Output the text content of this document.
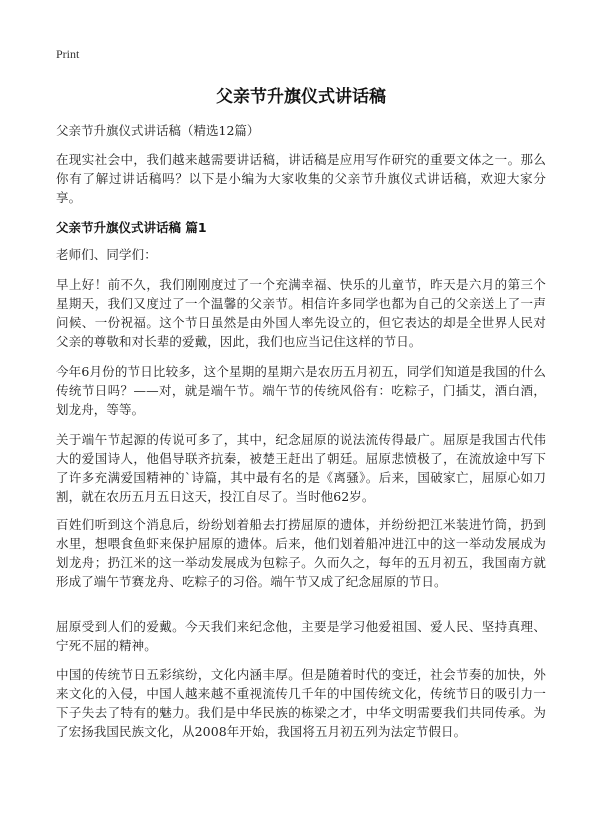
Print
父亲节升旗仪式讲话稿

父亲节升旗仪式讲话稿（精选12篇）

在现实社会中，我们越来越需要讲话稿，讲话稿是应用写作研究的重要文体之一。那么你有了解过讲话稿吗？以下是小编为大家收集的父亲节升旗仪式讲话稿，欢迎大家分享。

父亲节升旗仪式讲话稿 篇1

老师们、同学们：

早上好！前不久，我们刚刚度过了一个充满幸福、快乐的儿童节，昨天是六月的第三个星期天，我们又度过了一个温馨的父亲节。相信许多同学也都为自己的父亲送上了一声问候、一份祝福。这个节日虽然是由外国人率先设立的，但它表达的却是全世界人民对父亲的尊敬和对长辈的爱戴，因此，我们也应当记住这样的节日。

今年6月份的节日比较多，这个星期的星期六是农历五月初五，同学们知道是我国的什么传统节日吗？——对，就是端午节。端午节的传统风俗有：吃粽子，门插艾，酒白酒，划龙舟，等等。

关于端午节起源的传说可多了，其中，纪念屈原的说法流传得最广。屈原是我国古代伟大的爱国诗人，他倡导联齐抗秦，被楚王赶出了朝廷。屈原悲愤极了，在流放途中写下了许多充满爱国精神的`诗篇，其中最有名的是《离骚》。后来，国破家亡，屈原心如刀割，就在农历五月五日这天，投江自尽了。当时他62岁。

百姓们听到这个消息后，纷纷划着船去打捞屈原的遗体，并纷纷把江米装进竹筒，扔到水里，想喂食鱼虾来保护屈原的遗体。后来，他们划着船冲进江中的这一举动发展成为划龙舟；扔江米的这一举动发展成为包粽子。久而久之，每年的五月初五，我国南方就形成了端午节赛龙舟、吃粽子的习俗。端午节又成了纪念屈原的节日。

屈原受到人们的爱戴。今天我们来纪念他，主要是学习他爱祖国、爱人民、坚持真理、宁死不屈的精神。

中国的传统节日五彩缤纷，文化内涵丰厚。但是随着时代的变迁，社会节奏的加快，外来文化的入侵，中国人越来越不重视流传几千年的中国传统文化，传统节日的吸引力一下子失去了特有的魅力。我们是中华民族的栋梁之才，中华文明需要我们共同传承。为了宏扬我国民族文化，从2008年开始，我国将五月初五列为法定节假日。
